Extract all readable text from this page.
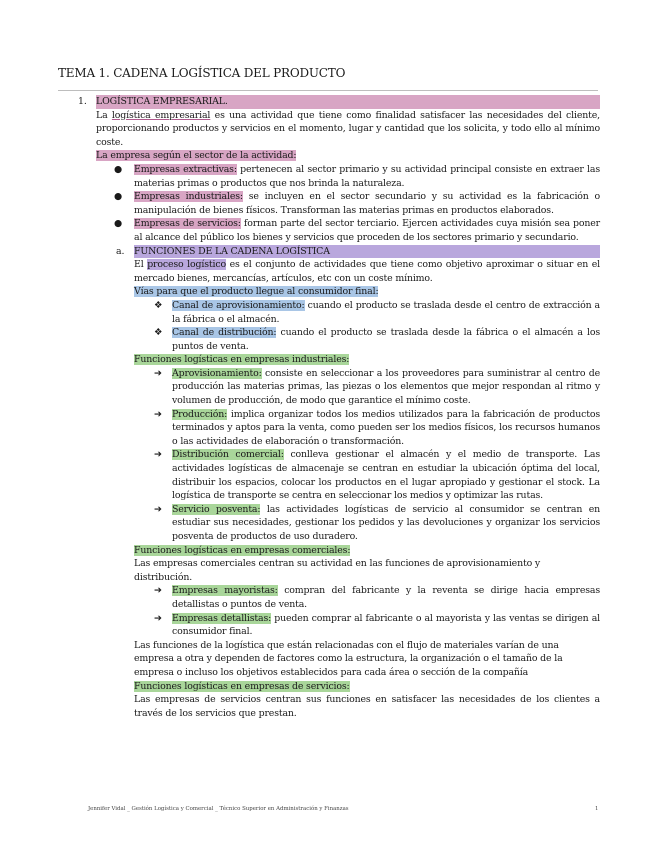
TEMA 1. CADENA LOGÍSTICA DEL PRODUCTO
1. LOGÍSTICA EMPRESARIAL.
La logística empresarial es una actividad que tiene como finalidad satisfacer las necesidades del cliente, proporcionando productos y servicios en el momento, lugar y cantidad que los solicita, y todo ello al mínimo coste.
La empresa según el sector de la actividad:
● Empresas extractivas: pertenecen al sector primario y su actividad principal consiste en extraer las materias primas o productos que nos brinda la naturaleza.
● Empresas industriales: se incluyen en el sector secundario y su actividad es la fabricación o manipulación de bienes físicos. Transforman las materias primas en productos elaborados.
● Empresas de servicios: forman parte del sector terciario. Ejercen actividades cuya misión sea poner al alcance del público los bienes y servicios que proceden de los sectores primario y secundario.
a. FUNCIONES DE LA CADENA LOGÍSTICA
El proceso logístico es el conjunto de actividades que tiene como objetivo aproximar o situar en el mercado bienes, mercancías, artículos, etc con un coste mínimo.
Vías para que el producto llegue al consumidor final:
❖ Canal de aprovisionamiento: cuando el producto se traslada desde el centro de extracción a la fábrica o el almacén.
❖ Canal de distribución: cuando el producto se traslada desde la fábrica o el almacén a los puntos de venta.
Funciones logísticas en empresas industriales:
➔ Aprovisionamiento: consiste en seleccionar a los proveedores para suministrar al centro de producción las materias primas, las piezas o los elementos que mejor respondan al ritmo y volumen de producción, de modo que garantice el mínimo coste.
➔ Producción: implica organizar todos los medios utilizados para la fabricación de productos terminados y aptos para la venta, como pueden ser los medios físicos, los recursos humanos o las actividades de elaboración o transformación.
➔ Distribución comercial: conlleva gestionar el almacén y el medio de transporte. Las actividades logísticas de almacenaje se centran en estudiar la ubicación óptima del local, distribuir los espacios, colocar los productos en el lugar apropiado y gestionar el stock. La logística de transporte se centra en seleccionar los medios y optimizar las rutas.
➔ Servicio posventa: las actividades logísticas de servicio al consumidor se centran en estudiar sus necesidades, gestionar los pedidos y las devoluciones y organizar los servicios posventa de productos de uso duradero.
Funciones logísticas en empresas comerciales:
Las empresas comerciales centran su actividad en las funciones de aprovisionamiento y distribución.
➔ Empresas mayoristas: compran del fabricante y la reventa se dirige hacia empresas detallistas o puntos de venta.
➔ Empresas detallistas: pueden comprar al fabricante o al mayorista y las ventas se dirigen al consumidor final.
Las funciones de la logística que están relacionadas con el flujo de materiales varían de una empresa a otra y dependen de factores como la estructura, la organización o el tamaño de la empresa o incluso los objetivos establecidos para cada área o sección de la compañía
Funciones logísticas en empresas de servicios:
Las empresas de servicios centran sus funciones en satisfacer las necesidades de los clientes a través de los servicios que prestan.
Jennifer Vidal _ Gestión Logística y Comercial _ Técnico Superior en Administración y Finanzas	1
